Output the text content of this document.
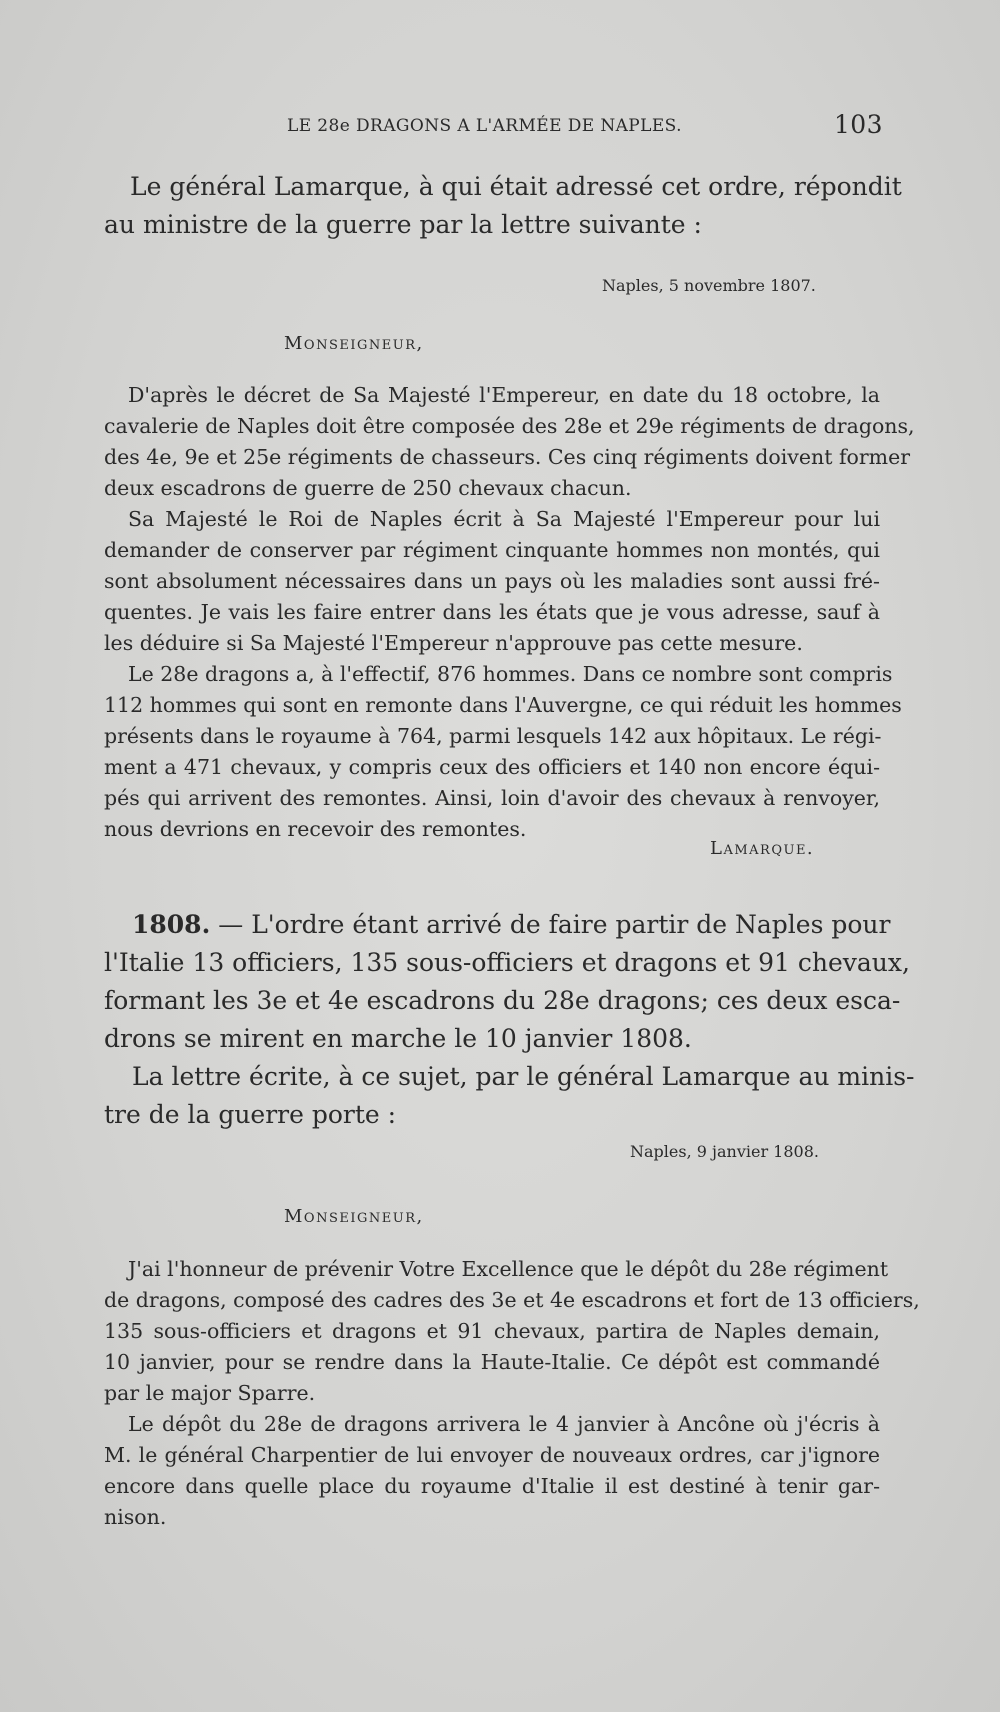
LE 28e DRAGONS A L'ARMÉE DE NAPLES.	103
Le général Lamarque, à qui était adressé cet ordre, répondit
au ministre de la guerre par la lettre suivante :
Naples, 5 novembre 1807.
Monseigneur,
D'après le décret de Sa Majesté l'Empereur, en date du 18 octobre, la
cavalerie de Naples doit être composée des 28e et 29e régiments de dragons,
des 4e, 9e et 25e régiments de chasseurs. Ces cinq régiments doivent former
deux escadrons de guerre de 250 chevaux chacun.
Sa Majesté le Roi de Naples écrit à Sa Majesté l'Empereur pour lui
demander de conserver par régiment cinquante hommes non montés, qui
sont absolument nécessaires dans un pays où les maladies sont aussi fré-
quentes. Je vais les faire entrer dans les états que je vous adresse, sauf à
les déduire si Sa Majesté l'Empereur n'approuve pas cette mesure.
Le 28e dragons a, à l'effectif, 876 hommes. Dans ce nombre sont compris
112 hommes qui sont en remonte dans l'Auvergne, ce qui réduit les hommes
présents dans le royaume à 764, parmi lesquels 142 aux hôpitaux. Le régi-
ment a 471 chevaux, y compris ceux des officiers et 140 non encore équi-
pés qui arrivent des remontes. Ainsi, loin d'avoir des chevaux à renvoyer,
nous devrions en recevoir des remontes.
Lamarque.
1808. — L'ordre étant arrivé de faire partir de Naples pour
l'Italie 13 officiers, 135 sous-officiers et dragons et 91 chevaux,
formant les 3e et 4e escadrons du 28e dragons; ces deux esca-
drons se mirent en marche le 10 janvier 1808.
La lettre écrite, à ce sujet, par le général Lamarque au minis-
tre de la guerre porte :
Naples, 9 janvier 1808.
Monseigneur,
J'ai l'honneur de prévenir Votre Excellence que le dépôt du 28e régiment
de dragons, composé des cadres des 3e et 4e escadrons et fort de 13 officiers,
135 sous-officiers et dragons et 91 chevaux, partira de Naples demain,
10 janvier, pour se rendre dans la Haute-Italie. Ce dépôt est commandé
par le major Sparre.
Le dépôt du 28e de dragons arrivera le 4 janvier à Ancône où j'écris à
M. le général Charpentier de lui envoyer de nouveaux ordres, car j'ignore
encore dans quelle place du royaume d'Italie il est destiné à tenir gar-
nison.
